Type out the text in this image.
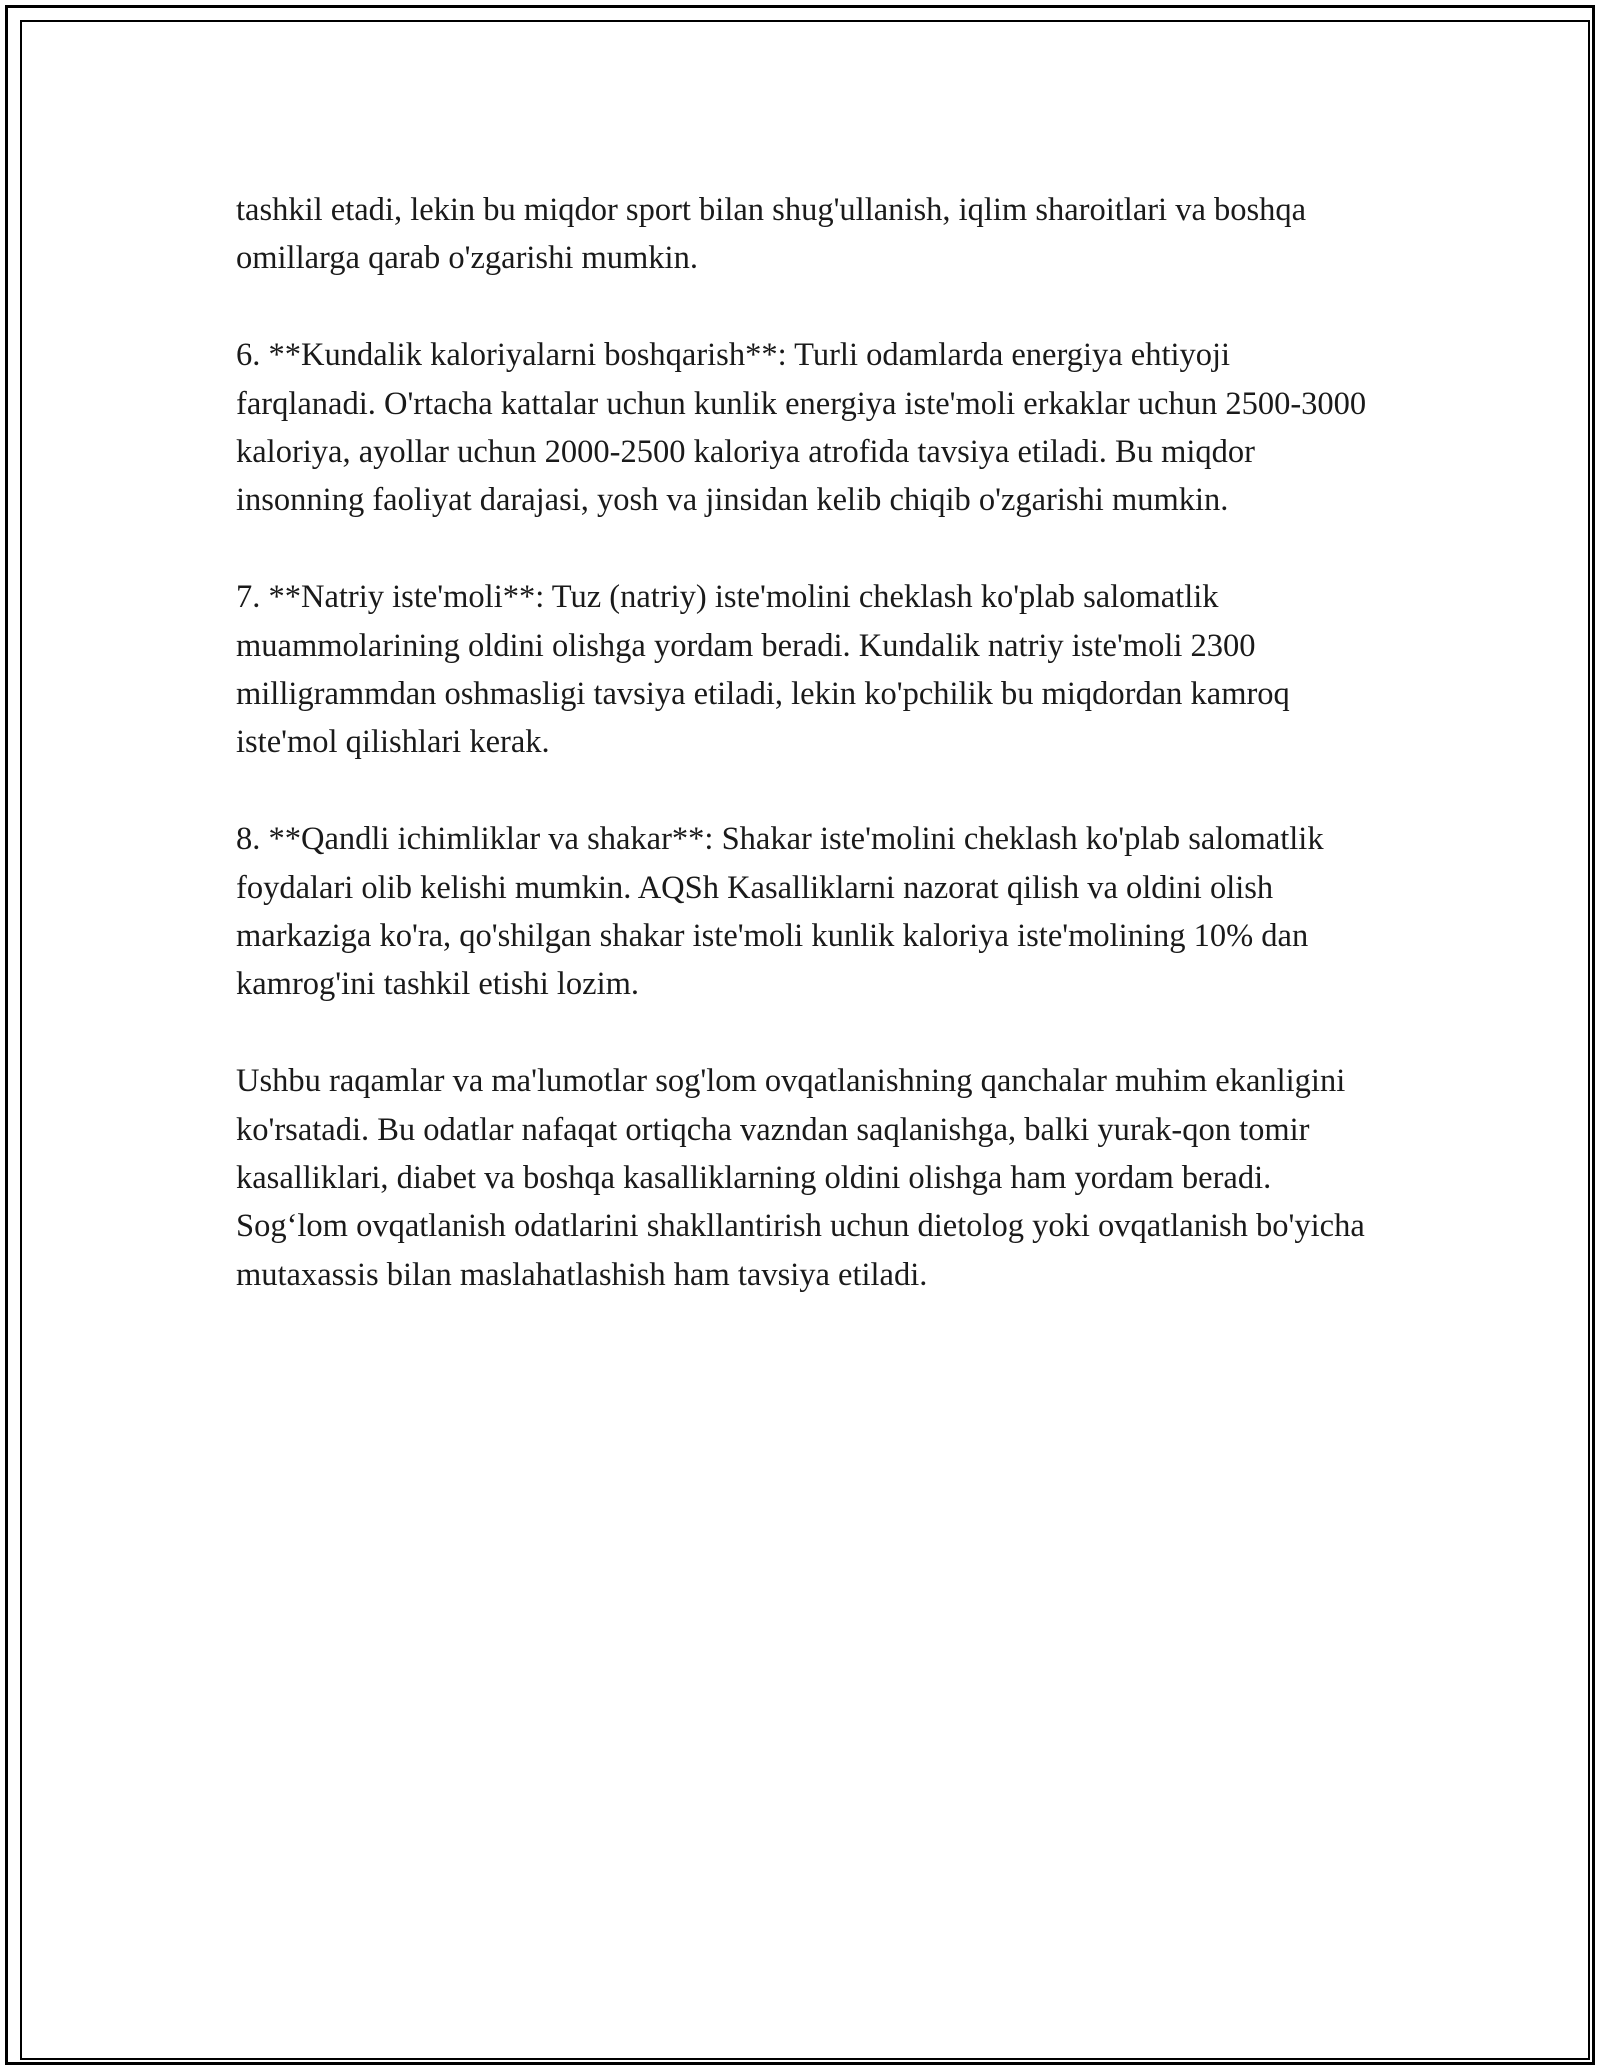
tashkil etadi, lekin bu miqdor sport bilan shug'ullanish, iqlim sharoitlari va boshqa omillarga qarab o'zgarishi mumkin.

6. **Kundalik kaloriyalarni boshqarish**: Turli odamlarda energiya ehtiyoji farqlanadi. O'rtacha kattalar uchun kunlik energiya iste'moli erkaklar uchun 2500-3000 kaloriya, ayollar uchun 2000-2500 kaloriya atrofida tavsiya etiladi. Bu miqdor insonning faoliyat darajasi, yosh va jinsidan kelib chiqib o'zgarishi mumkin.

7. **Natriy iste'moli**: Tuz (natriy) iste'molini cheklash ko'plab salomatlik muammolarining oldini olishga yordam beradi. Kundalik natriy iste'moli 2300 milligrammdan oshmasligi tavsiya etiladi, lekin ko'pchilik bu miqdordan kamroq iste'mol qilishlari kerak.

8. **Qandli ichimliklar va shakar**: Shakar iste'molini cheklash ko'plab salomatlik foydalari olib kelishi mumkin. AQSh Kasalliklarni nazorat qilish va oldini olish markaziga ko'ra, qo'shilgan shakar iste'moli kunlik kaloriya iste'molining 10% dan kamrog'ini tashkil etishi lozim.

Ushbu raqamlar va ma'lumotlar sog'lom ovqatlanishning qanchalar muhim ekanligini ko'rsatadi. Bu odatlar nafaqat ortiqcha vazndan saqlanishga, balki yurak-qon tomir kasalliklari, diabet va boshqa kasalliklarning oldini olishga ham yordam beradi. Sog‘lom ovqatlanish odatlarini shakllantirish uchun dietolog yoki ovqatlanish bo'yicha mutaxassis bilan maslahatlashish ham tavsiya etiladi.
